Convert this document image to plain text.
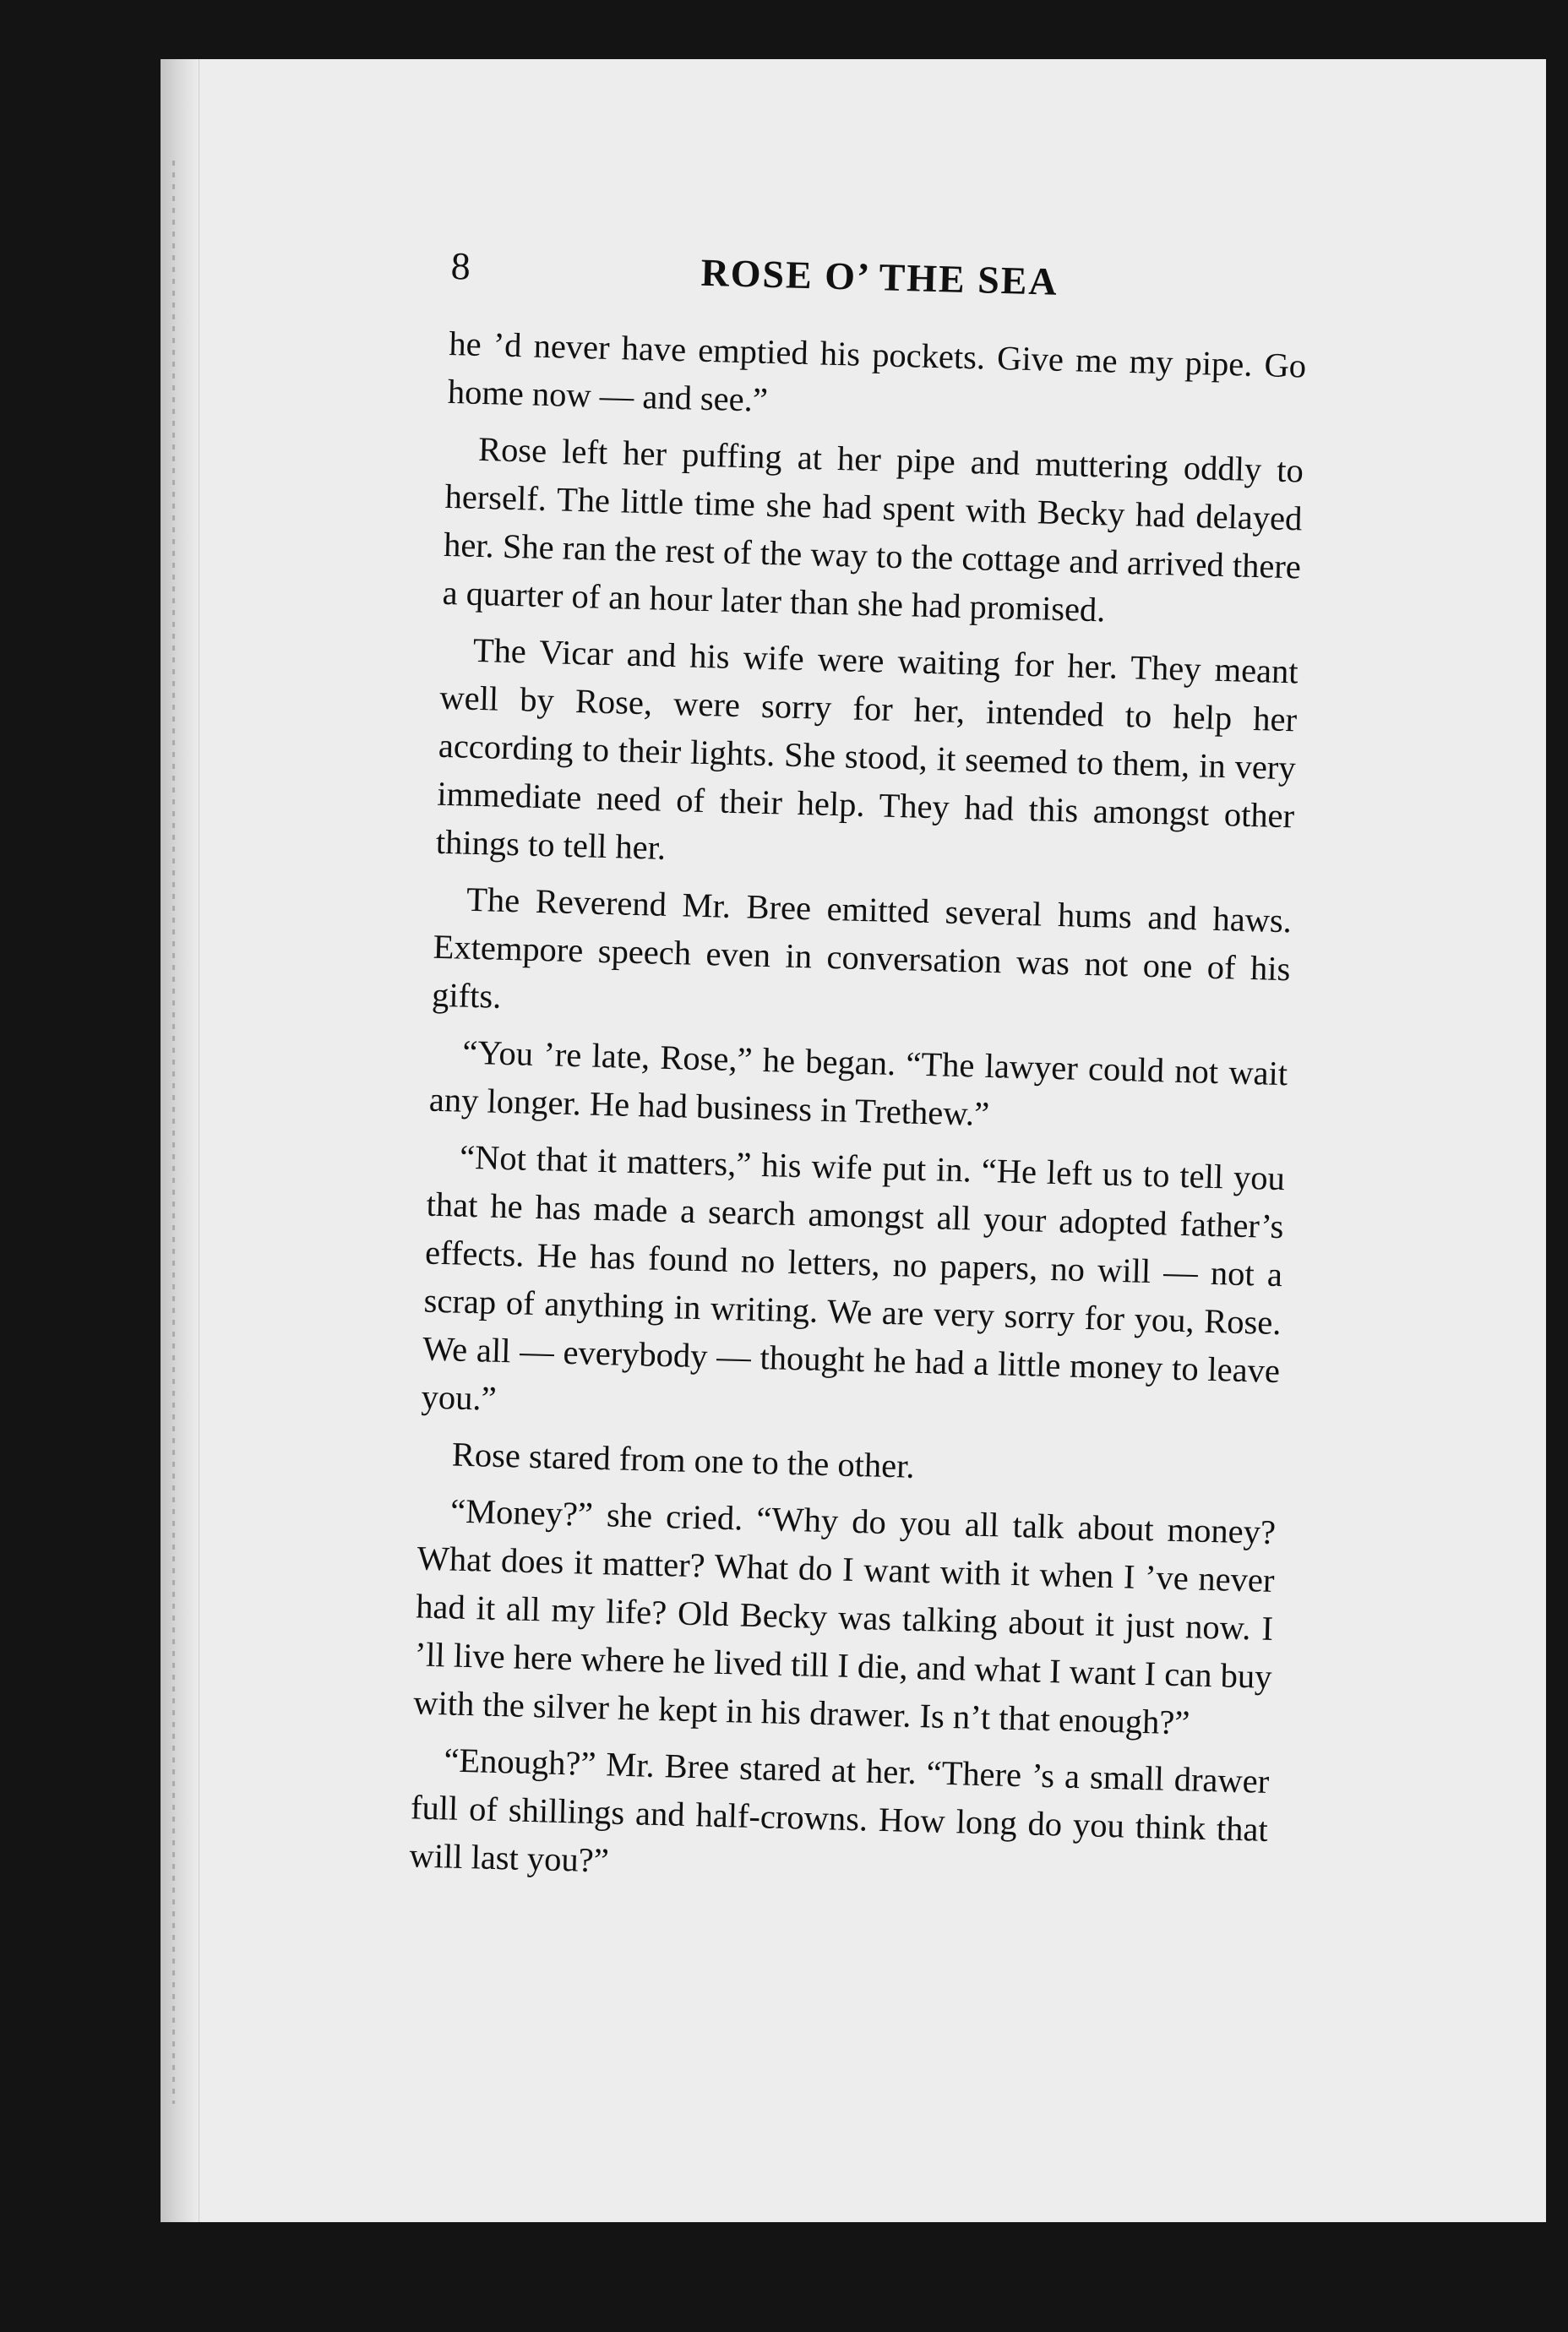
8	ROSE O’ THE SEA

he ’d never have emptied his pockets. Give me my pipe. Go home now — and see.”

Rose left her puffing at her pipe and muttering oddly to herself. The little time she had spent with Becky had delayed her. She ran the rest of the way to the cottage and arrived there a quarter of an hour later than she had promised.

The Vicar and his wife were waiting for her. They meant well by Rose, were sorry for her, intended to help her according to their lights. She stood, it seemed to them, in very immediate need of their help. They had this amongst other things to tell her.

The Reverend Mr. Bree emitted several hums and haws. Extempore speech even in conversation was not one of his gifts.

“You ’re late, Rose,” he began. “The lawyer could not wait any longer. He had business in Trethew.”

“Not that it matters,” his wife put in. “He left us to tell you that he has made a search amongst all your adopted father’s effects. He has found no letters, no papers, no will — not a scrap of anything in writing. We are very sorry for you, Rose. We all — everybody — thought he had a little money to leave you.”

Rose stared from one to the other.

“Money?” she cried. “Why do you all talk about money? What does it matter? What do I want with it when I ’ve never had it all my life? Old Becky was talking about it just now. I ’ll live here where he lived till I die, and what I want I can buy with the silver he kept in his drawer. Is n’t that enough?”

“Enough?” Mr. Bree stared at her. “There ’s a small drawer full of shillings and half-crowns. How long do you think that will last you?”
